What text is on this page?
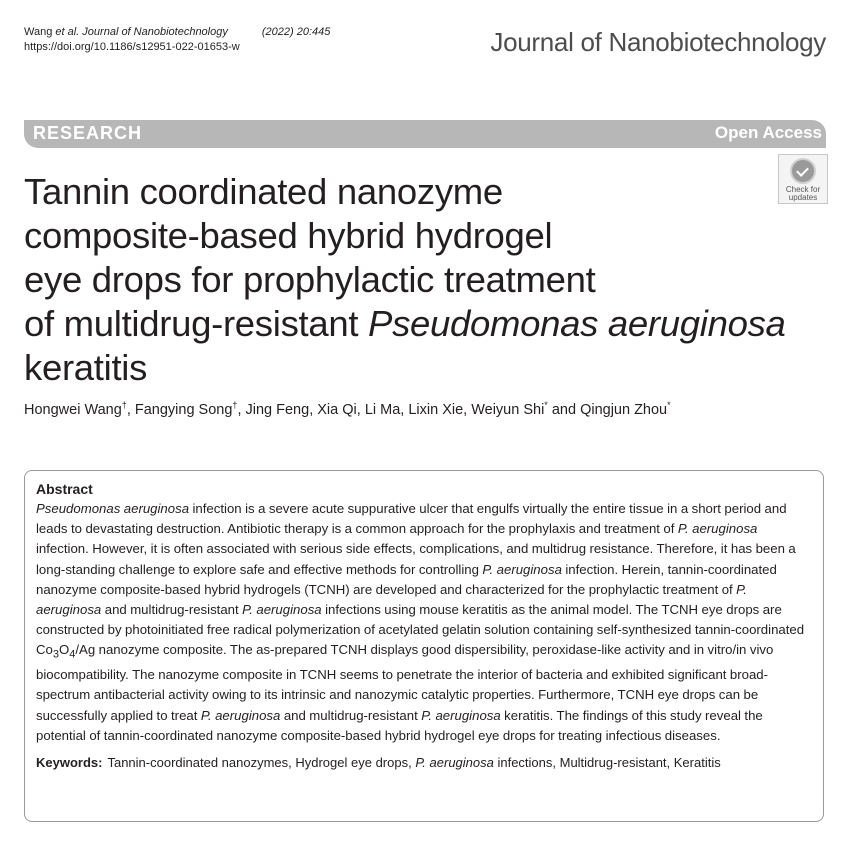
Wang et al. Journal of Nanobiotechnology	(2022) 20:445
https://doi.org/10.1186/s12951-022-01653-w	Journal of Nanobiotechnology
RESEARCH	Open Access
Check for
updates
Tannin coordinated nanozyme
composite-based hybrid hydrogel
eye drops for prophylactic treatment
of multidrug-resistant Pseudomonas aeruginosa
keratitis
Hongwei Wang†, Fangying Song†, Jing Feng, Xia Qi, Li Ma, Lixin Xie, Weiyun Shi* and Qingjun Zhou*
Abstract

Pseudomonas aeruginosa infection is a severe acute suppurative ulcer that engulfs virtually the entire tissue in a short period and leads to devastating destruction. Antibiotic therapy is a common approach for the prophylaxis and treatment of P. aeruginosa infection. However, it is often associated with serious side effects, complications, and multidrug resistance. Therefore, it has been a long-standing challenge to explore safe and effective methods for controlling P. aeruginosa infection. Herein, tannin-coordinated nanozyme composite-based hybrid hydrogels (TCNH) are developed and characterized for the prophylactic treatment of P. aeruginosa and multidrug-resistant P. aeruginosa infections using mouse keratitis as the animal model. The TCNH eye drops are constructed by photoinitiated free radical polymerization of acetylated gelatin solution containing self-synthesized tannin-coordinated $Co_3O_4/Ag$ nanozyme composite. The as-prepared TCNH displays good dispersibility, peroxidase-like activity and in vitro/in vivo biocompatibility. The nanozyme composite in TCNH seems to penetrate the interior of bacteria and exhibited significant broad-spectrum antibacterial activity owing to its intrinsic and nanozymic catalytic properties. Furthermore, TCNH eye drops can be successfully applied to treat P. aeruginosa and multidrug-resistant P. aeruginosa keratitis. The findings of this study reveal the potential of tannin-coordinated nanozyme composite-based hybrid hydrogel eye drops for treating infectious diseases.

Keywords: Tannin-coordinated nanozymes, Hydrogel eye drops, P. aeruginosa infections, Multidrug-resistant, Keratitis
